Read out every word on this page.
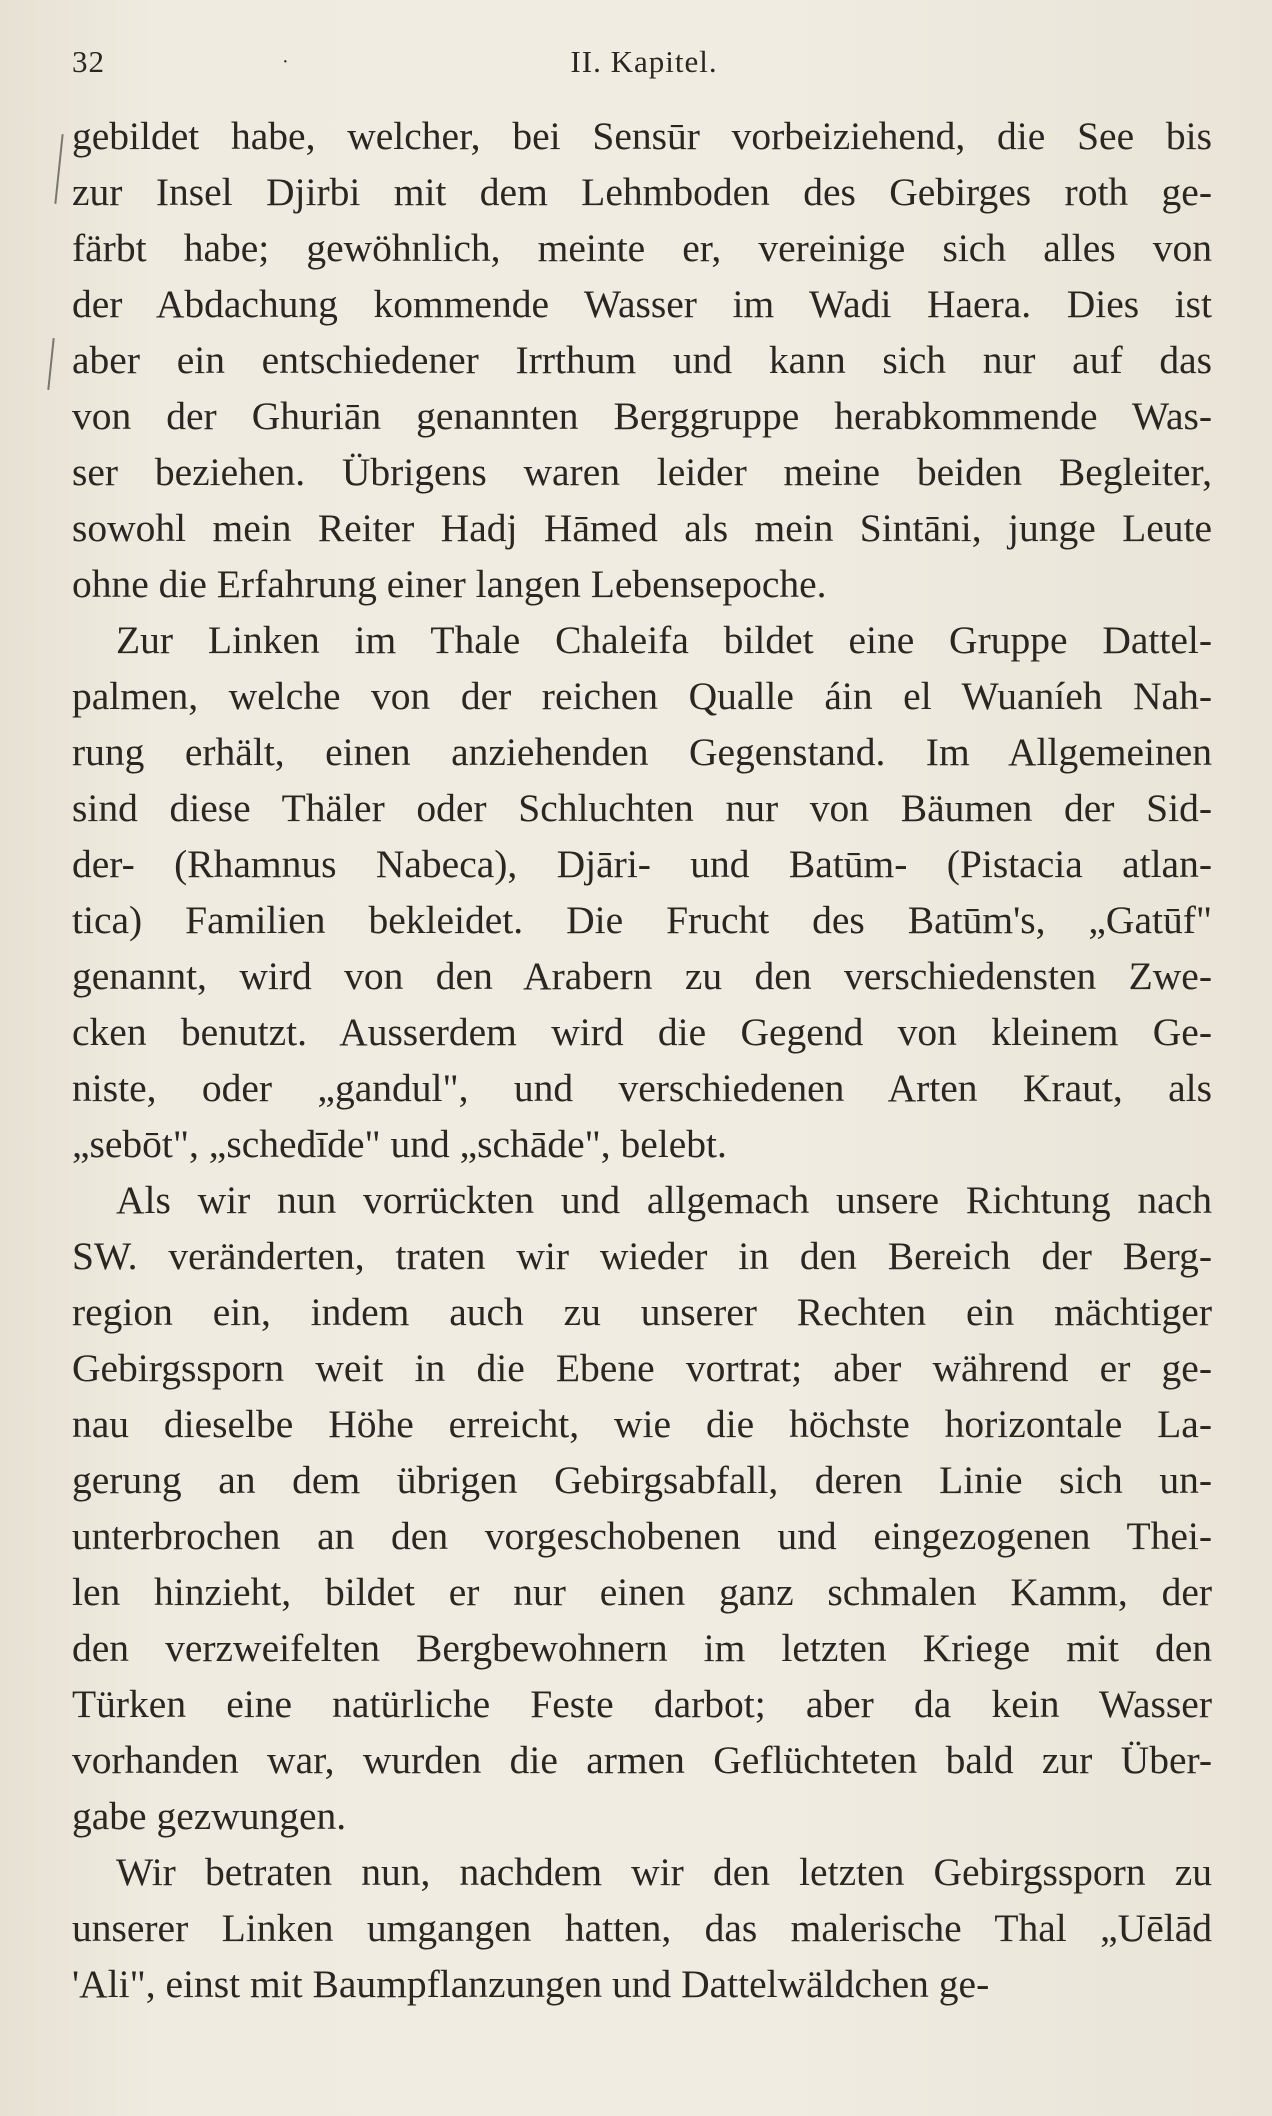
32	·	II. Kapitel.
gebildet habe, welcher, bei Sensūr vorbeiziehend, die See bis
zur Insel Djirbi mit dem Lehmboden des Gebirges roth ge-
färbt habe; gewöhnlich, meinte er, vereinige sich alles von
der Abdachung kommende Wasser im Wadi Haera. Dies ist
aber ein entschiedener Irrthum und kann sich nur auf das
von der Ghuriān genannten Berggruppe herabkommende Was-
ser beziehen. Übrigens waren leider meine beiden Begleiter,
sowohl mein Reiter Hadj Hāmed als mein Sintāni, junge Leute
ohne die Erfahrung einer langen Lebensepoche.
Zur Linken im Thale Chaleifa bildet eine Gruppe Dattel-
palmen, welche von der reichen Qualle áin el Wuaníeh Nah-
rung erhält, einen anziehenden Gegenstand. Im Allgemeinen
sind diese Thäler oder Schluchten nur von Bäumen der Sid-
der- (Rhamnus Nabeca), Djāri- und Batūm- (Pistacia atlan-
tica) Familien bekleidet. Die Frucht des Batūm's, „Gatūf"
genannt, wird von den Arabern zu den verschiedensten Zwe-
cken benutzt. Ausserdem wird die Gegend von kleinem Ge-
niste, oder „gandul", und verschiedenen Arten Kraut, als
„sebōt", „schedīde" und „schāde", belebt.
Als wir nun vorrückten und allgemach unsere Richtung nach
SW. veränderten, traten wir wieder in den Bereich der Berg-
region ein, indem auch zu unserer Rechten ein mächtiger
Gebirgssporn weit in die Ebene vortrat; aber während er ge-
nau dieselbe Höhe erreicht, wie die höchste horizontale La-
gerung an dem übrigen Gebirgsabfall, deren Linie sich un-
unterbrochen an den vorgeschobenen und eingezogenen Thei-
len hinzieht, bildet er nur einen ganz schmalen Kamm, der
den verzweifelten Bergbewohnern im letzten Kriege mit den
Türken eine natürliche Feste darbot; aber da kein Wasser
vorhanden war, wurden die armen Geflüchteten bald zur Über-
gabe gezwungen.
Wir betraten nun, nachdem wir den letzten Gebirgssporn zu
unserer Linken umgangen hatten, das malerische Thal „Uēlād
'Ali", einst mit Baumpflanzungen und Dattelwäldchen ge-
